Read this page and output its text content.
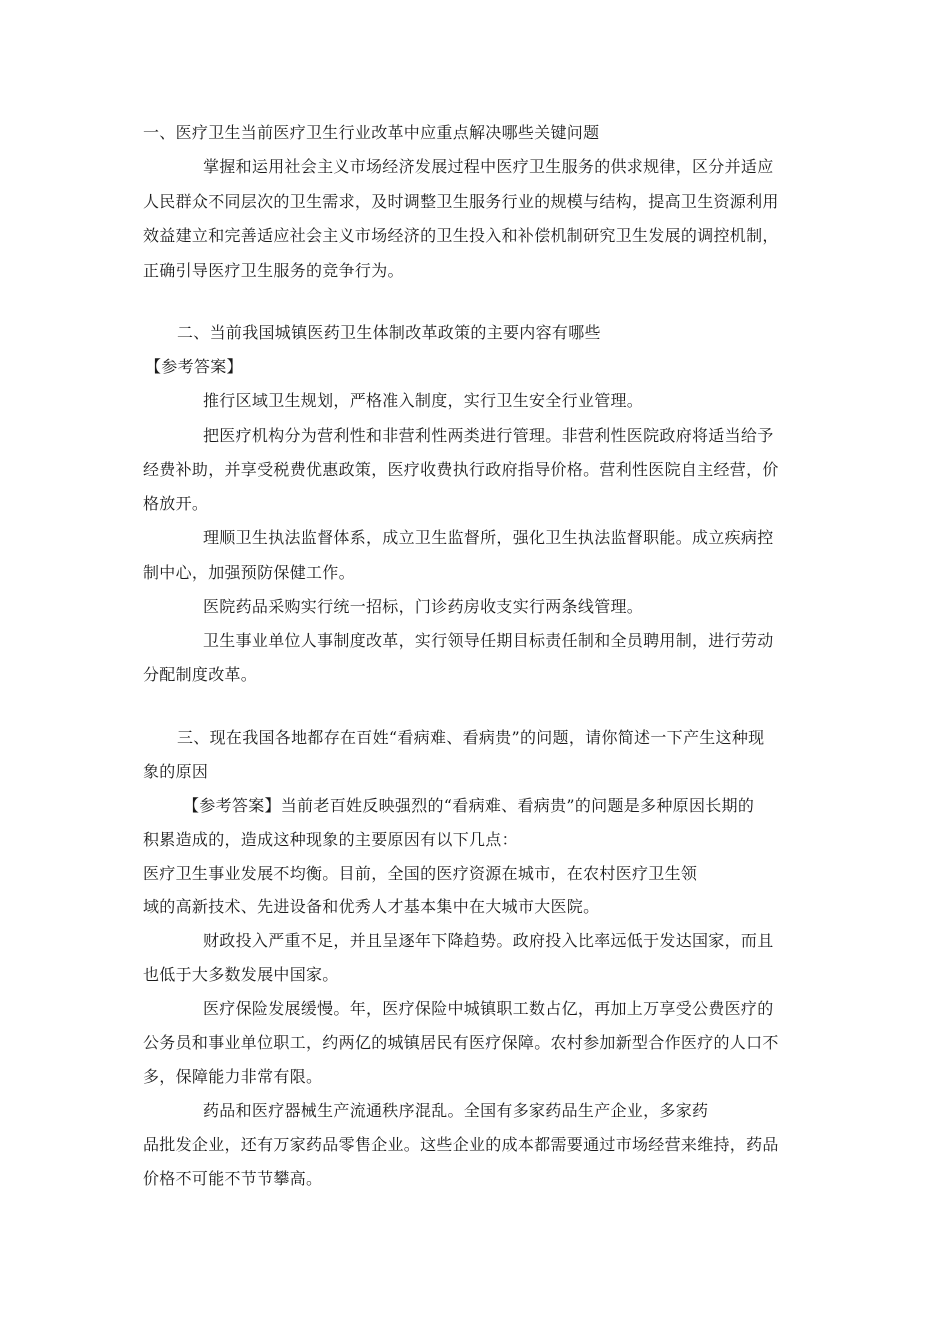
一、医疗卫生当前医疗卫生行业改革中应重点解决哪些关键问题
掌握和运用社会主义市场经济发展过程中医疗卫生服务的供求规律，区分并适应
人民群众不同层次的卫生需求，及时调整卫生服务行业的规模与结构，提高卫生资源利用
效益建立和完善适应社会主义市场经济的卫生投入和补偿机制研究卫生发展的调控机制，
正确引导医疗卫生服务的竞争行为。
二、当前我国城镇医药卫生体制改革政策的主要内容有哪些
【参考答案】
推行区域卫生规划，严格准入制度，实行卫生安全行业管理。
把医疗机构分为营利性和非营利性两类进行管理。非营利性医院政府将适当给予
经费补助，并享受税费优惠政策，医疗收费执行政府指导价格。营利性医院自主经营，价
格放开。
理顺卫生执法监督体系，成立卫生监督所，强化卫生执法监督职能。成立疾病控
制中心，加强预防保健工作。
医院药品采购实行统一招标，门诊药房收支实行两条线管理。
卫生事业单位人事制度改革，实行领导任期目标责任制和全员聘用制，进行劳动
分配制度改革。
三、现在我国各地都存在百姓“看病难、看病贵”的问题，请你简述一下产生这种现
象的原因
【参考答案】当前老百姓反映强烈的“看病难、看病贵”的问题是多种原因长期的
积累造成的，造成这种现象的主要原因有以下几点：
医疗卫生事业发展不均衡。目前，全国的医疗资源在城市，在农村医疗卫生领
域的高新技术、先进设备和优秀人才基本集中在大城市大医院。
财政投入严重不足，并且呈逐年下降趋势。政府投入比率远低于发达国家，而且
也低于大多数发展中国家。
医疗保险发展缓慢。年，医疗保险中城镇职工数占亿，再加上万享受公费医疗的
公务员和事业单位职工，约两亿的城镇居民有医疗保障。农村参加新型合作医疗的人口不
多，保障能力非常有限。
药品和医疗器械生产流通秩序混乱。全国有多家药品生产企业，多家药
品批发企业，还有万家药品零售企业。这些企业的成本都需要通过市场经营来维持，药品
价格不可能不节节攀高。
